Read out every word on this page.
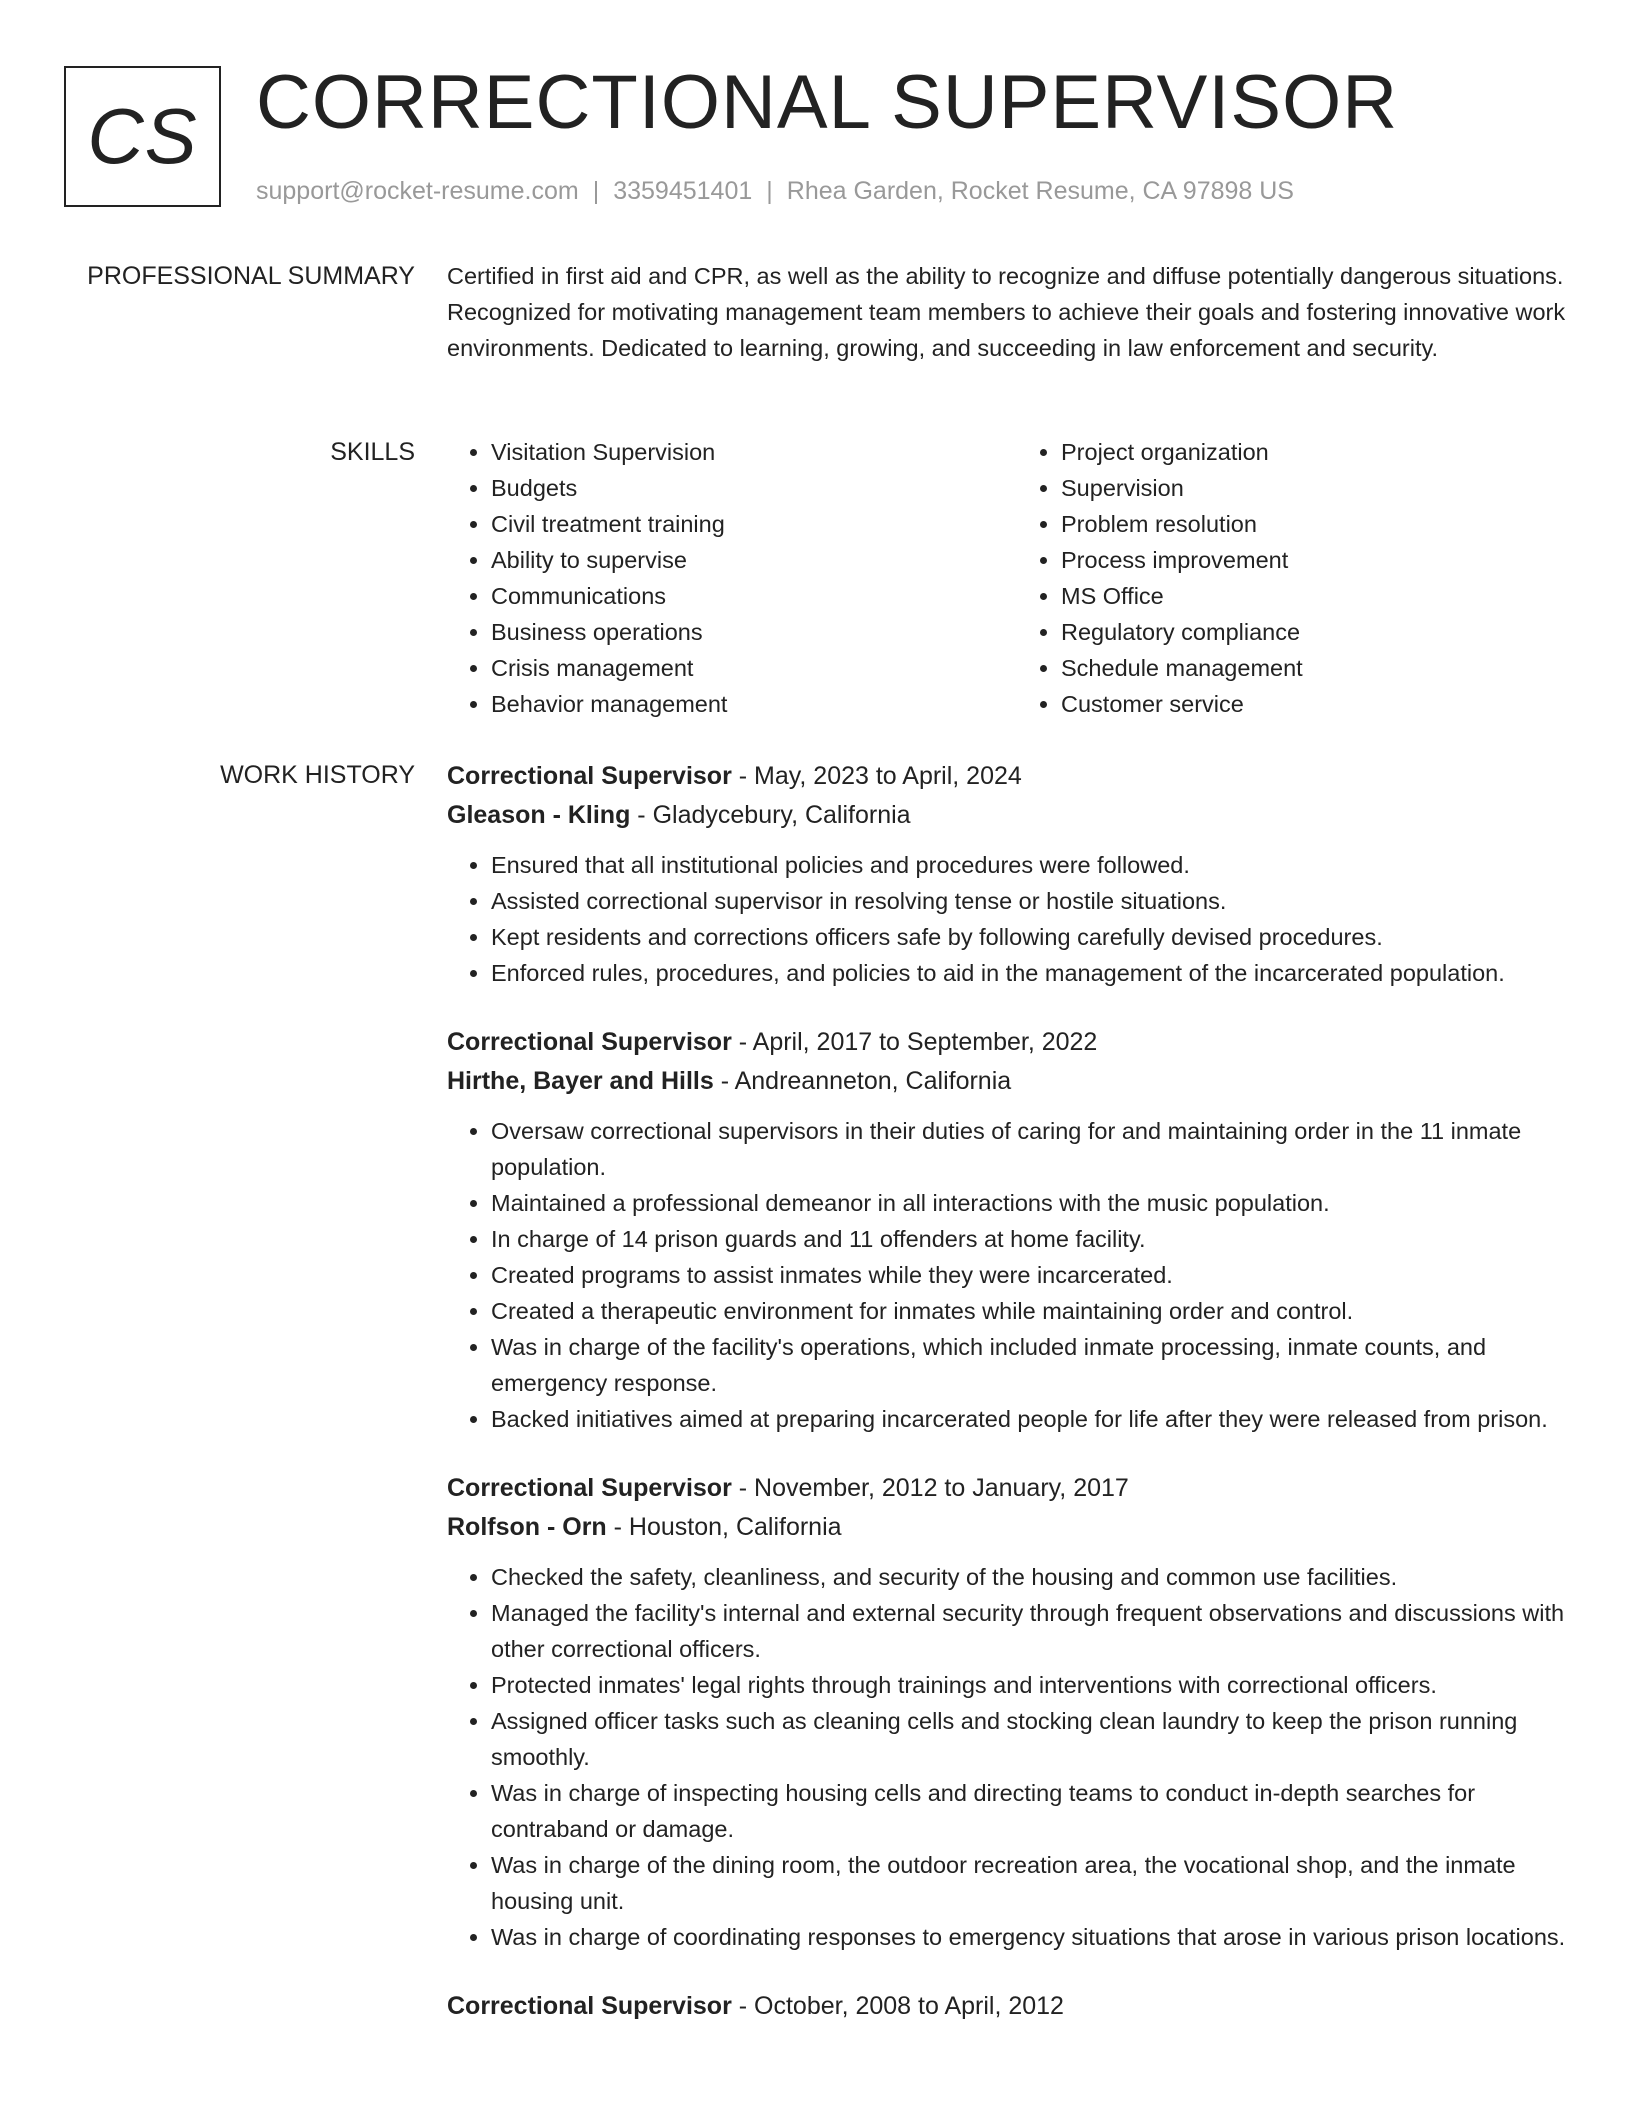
CS CORRECTIONAL SUPERVISOR
support@rocket-resume.com | 3359451401 | Rhea Garden, Rocket Resume, CA 97898 US
PROFESSIONAL SUMMARY Certified in first aid and CPR, as well as the ability to recognize and diffuse potentially dangerous situations. Recognized for motivating management team members to achieve their goals and fostering innovative work environments. Dedicated to learning, growing, and succeeding in law enforcement and security.

SKILLS
•	Visitation Supervision
• Budgets
• Civil treatment training
• Ability to supervise
• Communications
• Business operations
• Crisis management
• Behavior management
• Project organization
• Supervision
• Problem resolution
• Process improvement
• MS Office
• Regulatory compliance
• Schedule management
• Customer service
WORK HISTORY Correctional Supervisor - May, 2023 to April, 2024
Gleason - Kling - Gladycebury, California
• Ensured that all institutional policies and procedures were followed.
• Assisted correctional supervisor in resolving tense or hostile situations.
• Kept residents and corrections officers safe by following carefully devised procedures.
• Enforced rules, procedures, and policies to aid in the management of the incarcerated population.
Correctional Supervisor - April, 2017 to September, 2022
Hirthe, Bayer and Hills - Andreanneton, California
• Oversaw correctional supervisors in their duties of caring for and maintaining order in the 11 inmate population.
• Maintained a professional demeanor in all interactions with the music population.
• In charge of 14 prison guards and 11 offenders at home facility.
• Created programs to assist inmates while they were incarcerated.
• Created a therapeutic environment for inmates while maintaining order and control.
• Was in charge of the facility's operations, which included inmate processing, inmate counts, and emergency response.
• Backed initiatives aimed at preparing incarcerated people for life after they were released from prison.
Correctional Supervisor - November, 2012 to January, 2017
Rolfson - Orn - Houston, California
• Checked the safety, cleanliness, and security of the housing and common use facilities.
• Managed the facility's internal and external security through frequent observations and discussions with other correctional officers.
• Protected inmates' legal rights through trainings and interventions with correctional officers.
• Assigned officer tasks such as cleaning cells and stocking clean laundry to keep the prison running smoothly.
• Was in charge of inspecting housing cells and directing teams to conduct in-depth searches for contraband or damage.
• Was in charge of the dining room, the outdoor recreation area, the vocational shop, and the inmate housing unit.
• Was in charge of coordinating responses to emergency situations that arose in various prison locations.
Correctional Supervisor - October, 2008 to April, 2012
